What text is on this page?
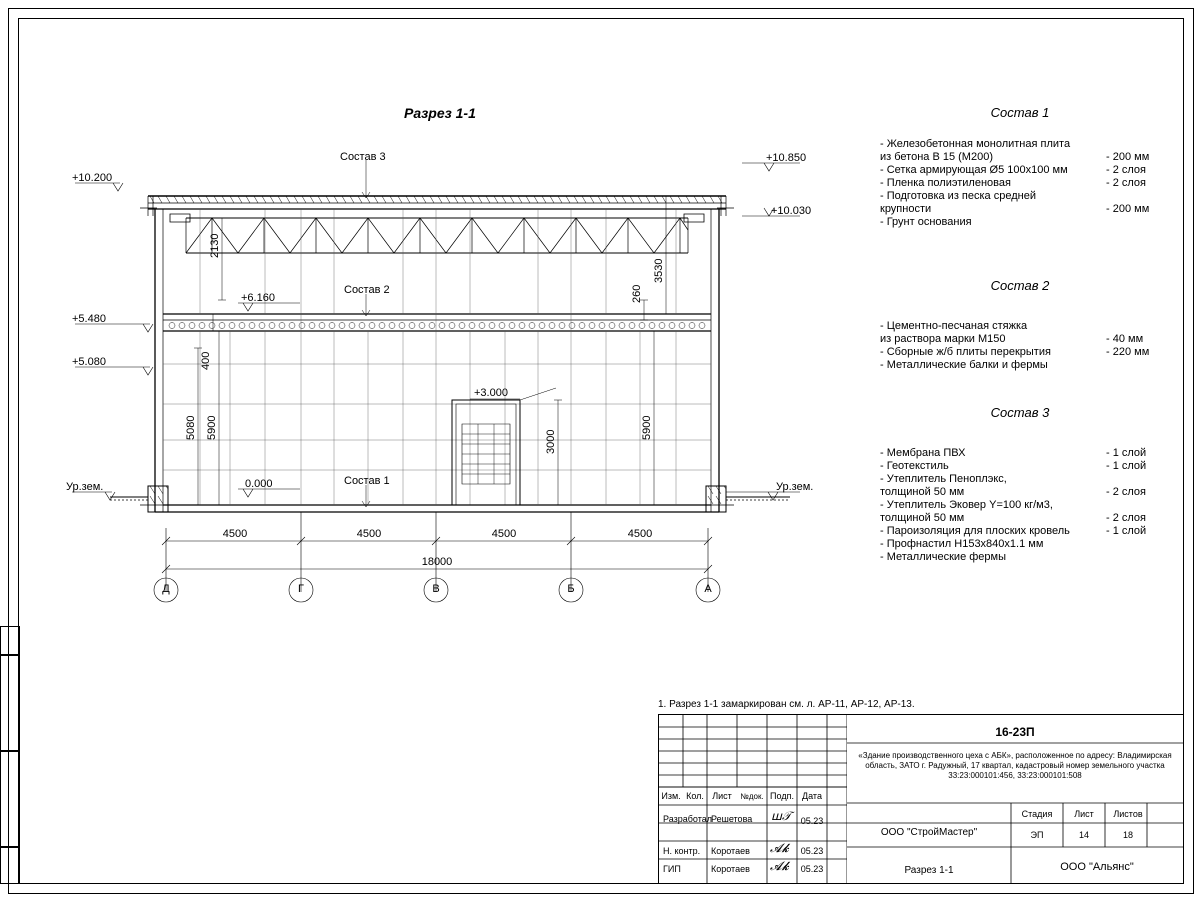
Разрез 1-1
Состав 3
Состав 2
Состав 1
+10.200
+5.480
+5.080
Ур.зем.
+10.850
+10.030
Ур.зем.
+6.160
0.000
+3.000
2130
3530
260
400
5080 5900	5900
3000
4500	4500	4500	4500
18000
Д	Г	В	Б	А
Состав 1
- Железобетонная монолитная плита
из бетона В 15 (М200)	- 200 мм
- Сетка армирующая Ø5 100х100 мм	- 2 слоя
- Пленка полиэтиленовая	- 2 слоя
- Подготовка из песка средней
крупности	- 200 мм
- Грунт основания
Состав 2
- Цементно-песчаная стяжка
из раствора марки М150	- 40 мм
- Сборные ж/б плиты перекрытия	- 220 мм
- Металлические балки и фермы
Состав 3
- Мембрана ПВХ	- 1 слой
- Геотекстиль	- 1 слой
- Утеплитель Пеноплэкс,
толщиной 50 мм	- 2 слоя
- Утеплитель Эковер Y=100 кг/м3,
толщиной 50 мм	- 2 слоя
- Пароизоляция для плоских кровель	- 1 слой
- Профнастил Н153х840х1.1 мм
- Металлические фермы
1. Разрез 1-1 замаркирован см. л. АР-11, АР-12, АР-13.
Изм. Кол. Лист	№док. Подп. Дата
Разработал Решетова	05.23
ꟺ𝒯
Н. контр. Коротаев	05.23
𝓐𝓴
ГИП	Коротаев	05.23
𝓐𝓴
16-23П
«Здание производственного цеха с АБК», расположенное по адресу: Владимирская область, ЗАТО г. Радужный, 17 квартал, кадастровый номер земельного участка 33:23:000101:456, 33:23:000101:508
ООО "СтройМастер"
Разрез 1-1
Стадия	Лист	Листов
ЭП	14	18
ООО "Альянс"
